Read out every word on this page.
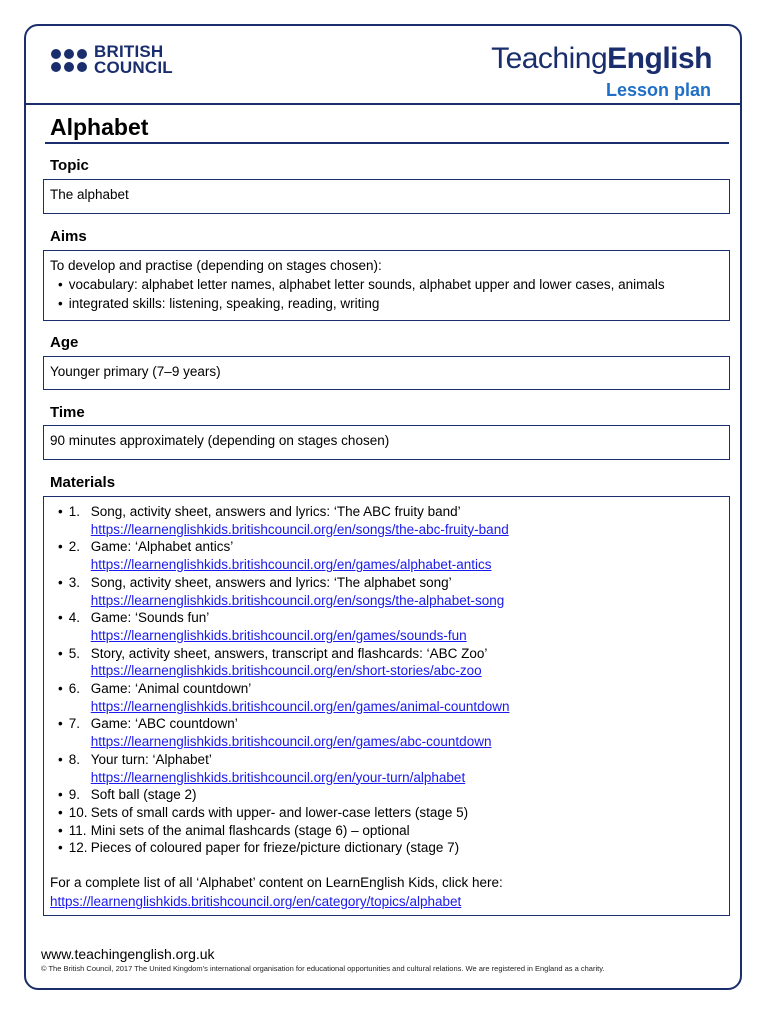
BRITISH
COUNCIL	TeachingEnglish
Lesson plan
Alphabet
Topic
The alphabet
Aims
To develop and practise (depending on stages chosen):
• vocabulary: alphabet letter names, alphabet letter sounds, alphabet upper and lower cases, animals
• integrated skills: listening, speaking, reading, writing
Age
Younger primary (7–9 years)
Time
90 minutes approximately (depending on stages chosen)
Materials
• 1. Song, activity sheet, answers and lyrics: ‘The ABC fruity band’
https://learnenglishkids.britishcouncil.org/en/songs/the-abc-fruity-band
• 2. Game: ‘Alphabet antics’
https://learnenglishkids.britishcouncil.org/en/games/alphabet-antics
• 3. Song, activity sheet, answers and lyrics: ‘The alphabet song’
https://learnenglishkids.britishcouncil.org/en/songs/the-alphabet-song
• 4. Game: ‘Sounds fun’
https://learnenglishkids.britishcouncil.org/en/games/sounds-fun
• 5. Story, activity sheet, answers, transcript and flashcards: ‘ABC Zoo’
https://learnenglishkids.britishcouncil.org/en/short-stories/abc-zoo
• 6. Game: ‘Animal countdown’
https://learnenglishkids.britishcouncil.org/en/games/animal-countdown
• 7. Game: ‘ABC countdown’
https://learnenglishkids.britishcouncil.org/en/games/abc-countdown
• 8. Your turn: ‘Alphabet’
https://learnenglishkids.britishcouncil.org/en/your-turn/alphabet
• 9. Soft ball (stage 2)
• 10. Sets of small cards with upper- and lower-case letters (stage 5)
• 11. Mini sets of the animal flashcards (stage 6) – optional
• 12. Pieces of coloured paper for frieze/picture dictionary (stage 7)
For a complete list of all ‘Alphabet’ content on LearnEnglish Kids, click here:
https://learnenglishkids.britishcouncil.org/en/category/topics/alphabet
www.teachingenglish.org.uk
© The British Council, 2017 The United Kingdom’s international organisation for educational opportunities and cultural relations. We are registered in England as a charity.
